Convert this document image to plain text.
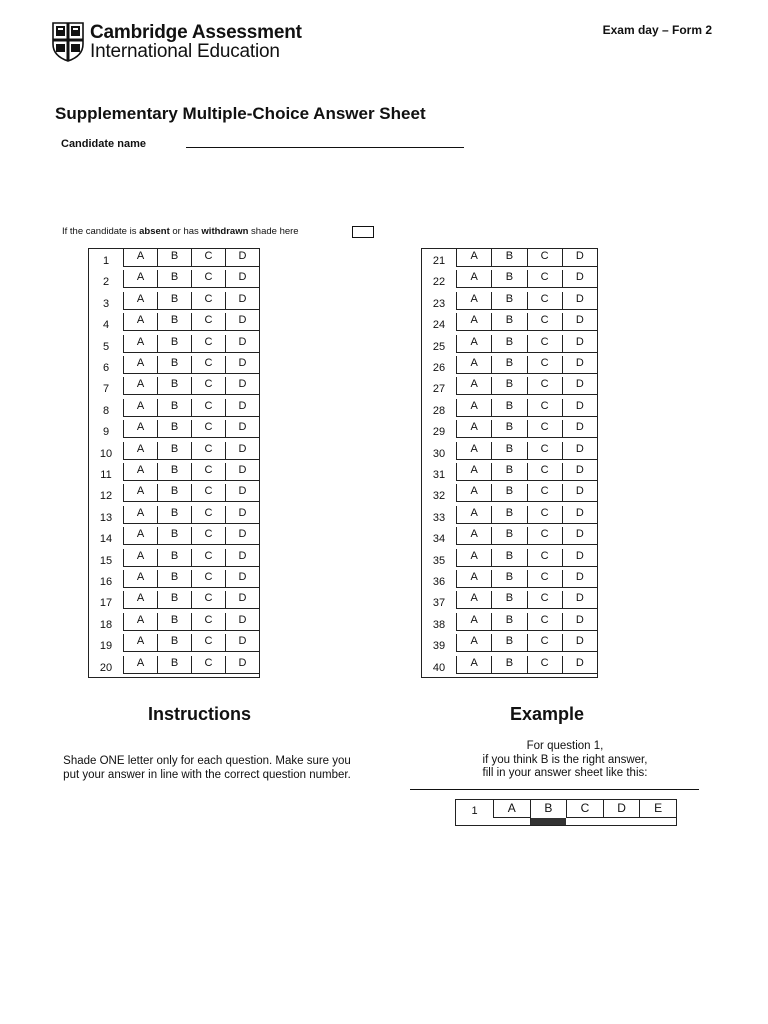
Cambridge Assessment
International Education
Exam day – Form 2
Supplementary Multiple-Choice Answer Sheet
Candidate name
If the candidate is absent or has withdrawn shade here
1	A	B	C	D
2	A	B	C	D
3	A	B	C	D
4	A	B	C	D
5	A	B	C	D
6	A	B	C	D
7	A	B	C	D
8	A	B	C	D
9	A	B	C	D
10	A	B	C	D
11	A	B	C	D
12	A	B	C	D
13	A	B	C	D
14	A	B	C	D
15	A	B	C	D
16	A	B	C	D
17	A	B	C	D
18	A	B	C	D
19	A	B	C	D
20	A	B	C	D
21	A	B	C	D
22	A	B	C	D
23	A	B	C	D
24	A	B	C	D
25	A	B	C	D
26	A	B	C	D
27	A	B	C	D
28	A	B	C	D
29	A	B	C	D
30	A	B	C	D
31	A	B	C	D
32	A	B	C	D
33	A	B	C	D
34	A	B	C	D
35	A	B	C	D
36	A	B	C	D
37	A	B	C	D
38	A	B	C	D
39	A	B	C	D
40	A	B	C	D
Instructions
Shade ONE letter only for each question. Make sure you put your answer in line with the correct question number.
Example
For question 1,
if you think B is the right answer,
fill in your answer sheet like this:
1	A	B	C	D	E
